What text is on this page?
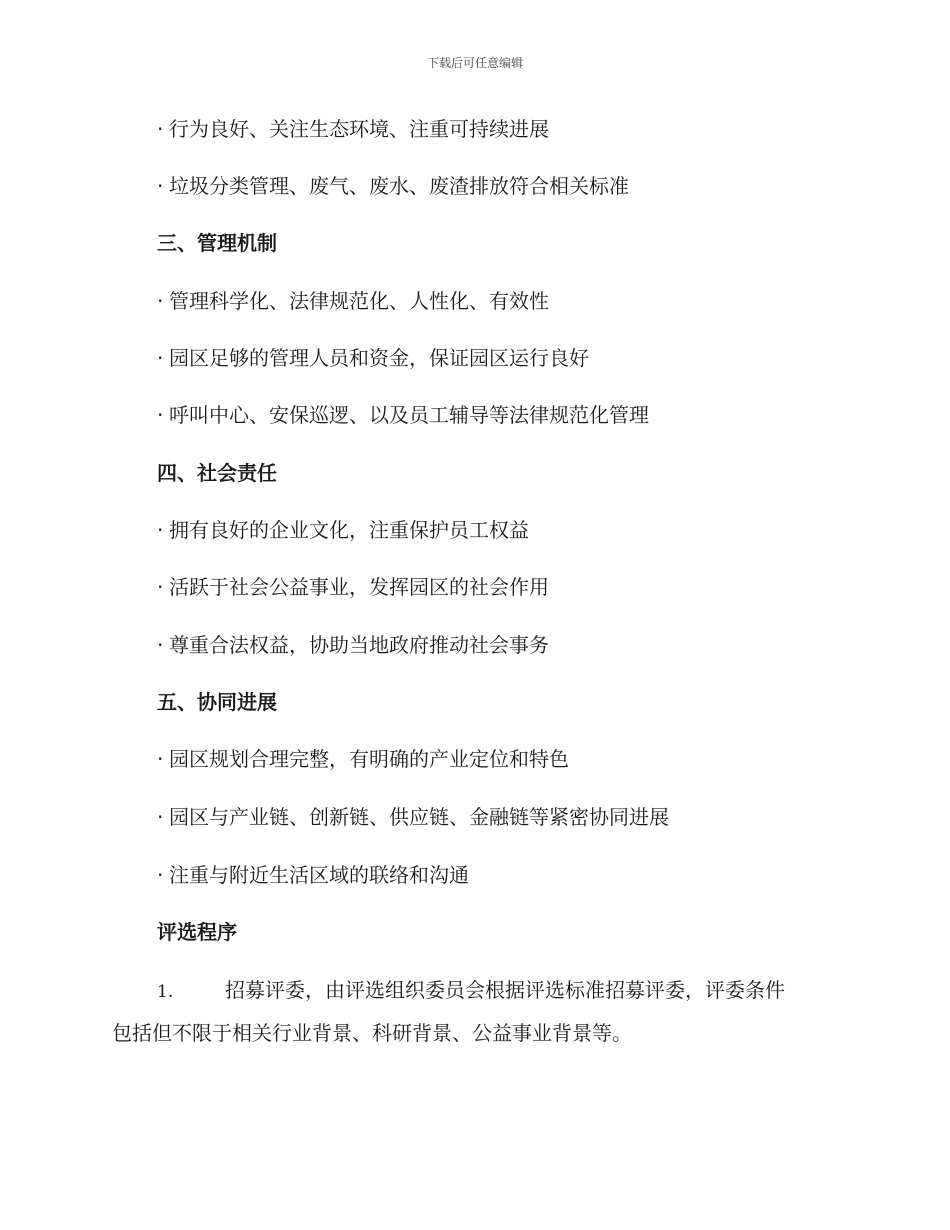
下载后可任意编辑
· 行为良好、关注生态环境、注重可持续进展
· 垃圾分类管理、废气、废水、废渣排放符合相关标准
三、管理机制
· 管理科学化、法律规范化、人性化、有效性
· 园区足够的管理人员和资金，保证园区运行良好
· 呼叫中心、安保巡逻、以及员工辅导等法律规范化管理
四、社会责任
· 拥有良好的企业文化，注重保护员工权益
· 活跃于社会公益事业，发挥园区的社会作用
· 尊重合法权益，协助当地政府推动社会事务
五、协同进展
· 园区规划合理完整，有明确的产业定位和特色
· 园区与产业链、创新链、供应链、金融链等紧密协同进展
· 注重与附近生活区域的联络和沟通
评选程序
1.	招募评委，由评选组织委员会根据评选标准招募评委，评委条件
包括但不限于相关行业背景、科研背景、公益事业背景等。
